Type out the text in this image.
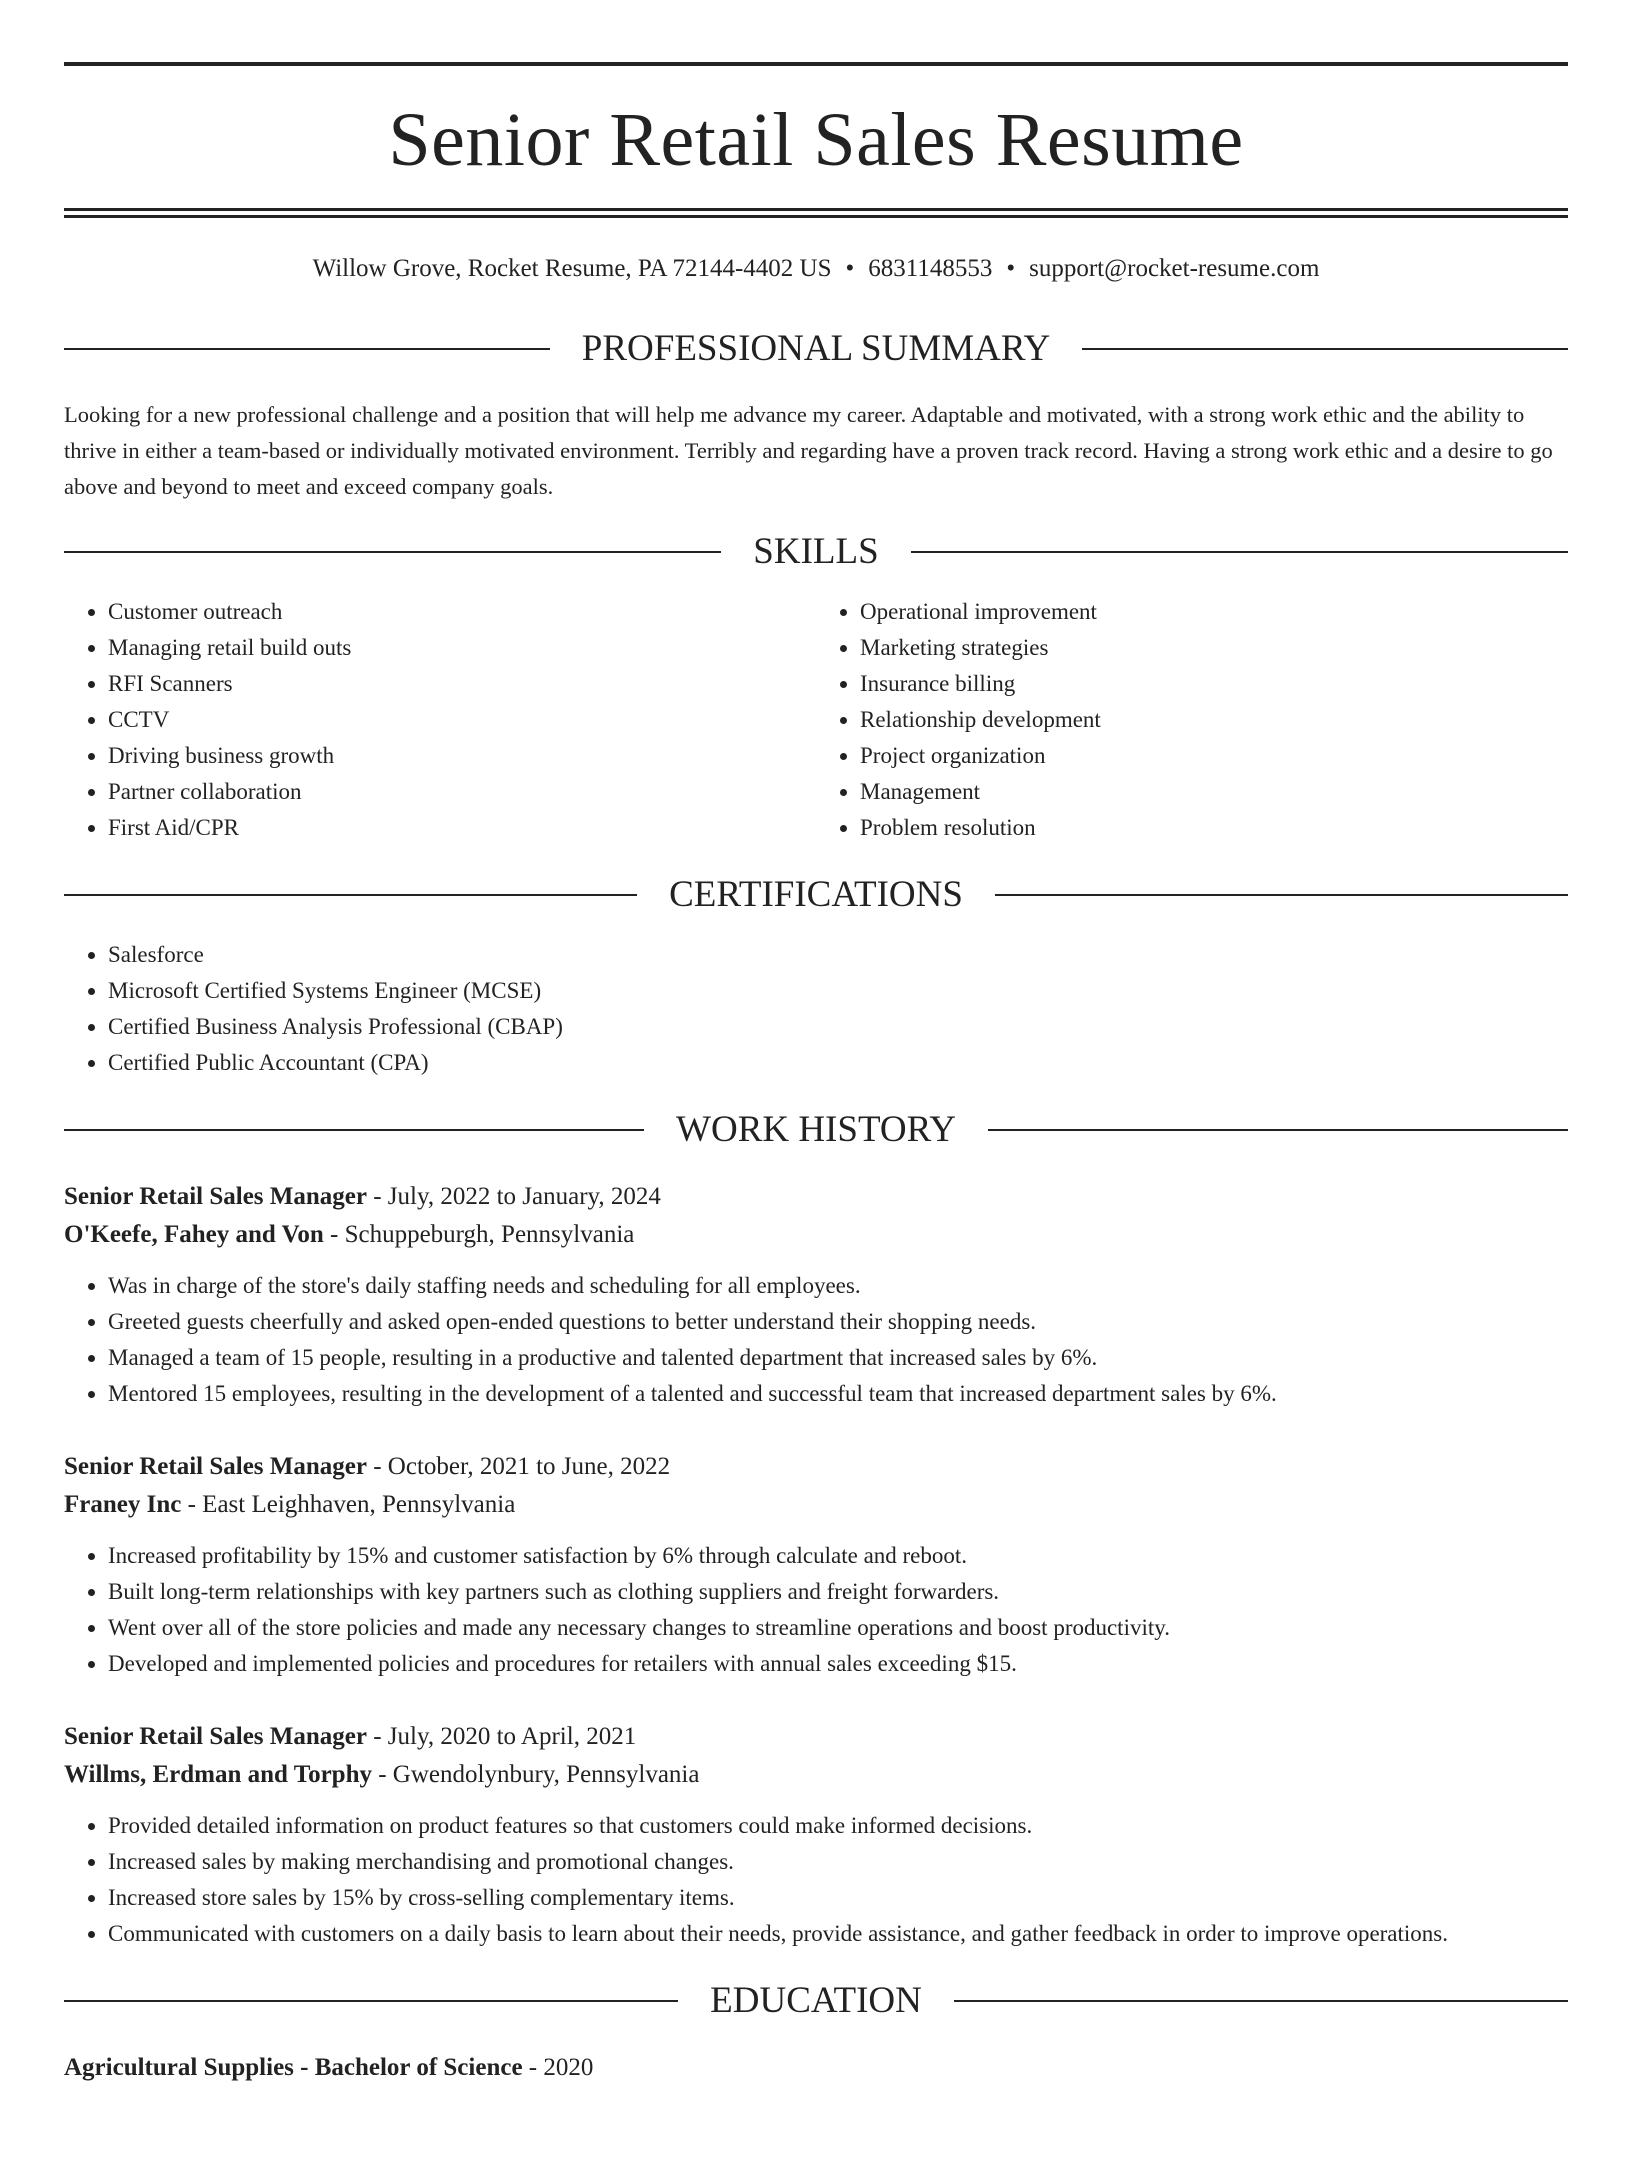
Senior Retail Sales Resume
Willow Grove, Rocket Resume, PA 72144-4402 US • 6831148553 • support@rocket-resume.com
PROFESSIONAL SUMMARY

Looking for a new professional challenge and a position that will help me advance my career. Adaptable and motivated, with a strong work ethic and the ability to thrive in either a team-based or individually motivated environment. Terribly and regarding have a proven track record. Having a strong work ethic and a desire to go above and beyond to meet and exceed company goals.

SKILLS
• Customer outreach
• Managing retail build outs
• RFI Scanners
• CCTV
• Driving business growth
• Partner collaboration
• First Aid/CPR
• Operational improvement
• Marketing strategies
• Insurance billing
• Relationship development
• Project organization
• Management
• Problem resolution
CERTIFICATIONS
• Salesforce
• Microsoft Certified Systems Engineer (MCSE)
• Certified Business Analysis Professional (CBAP)
• Certified Public Accountant (CPA)
WORK HISTORY
Senior Retail Sales Manager - July, 2022 to January, 2024
O'Keefe, Fahey and Von - Schuppeburgh, Pennsylvania
• Was in charge of the store's daily staffing needs and scheduling for all employees.
• Greeted guests cheerfully and asked open-ended questions to better understand their shopping needs.
• Managed a team of 15 people, resulting in a productive and talented department that increased sales by 6%.
• Mentored 15 employees, resulting in the development of a talented and successful team that increased department sales by 6%.
Senior Retail Sales Manager - October, 2021 to June, 2022
Franey Inc - East Leighhaven, Pennsylvania
• Increased profitability by 15% and customer satisfaction by 6% through calculate and reboot.
• Built long-term relationships with key partners such as clothing suppliers and freight forwarders.
• Went over all of the store policies and made any necessary changes to streamline operations and boost productivity.
• Developed and implemented policies and procedures for retailers with annual sales exceeding $15.
Senior Retail Sales Manager - July, 2020 to April, 2021
Willms, Erdman and Torphy - Gwendolynbury, Pennsylvania
• Provided detailed information on product features so that customers could make informed decisions.
• Increased sales by making merchandising and promotional changes.
• Increased store sales by 15% by cross-selling complementary items.
• Communicated with customers on a daily basis to learn about their needs, provide assistance, and gather feedback in order to improve operations.
EDUCATION
Agricultural Supplies - Bachelor of Science - 2020
